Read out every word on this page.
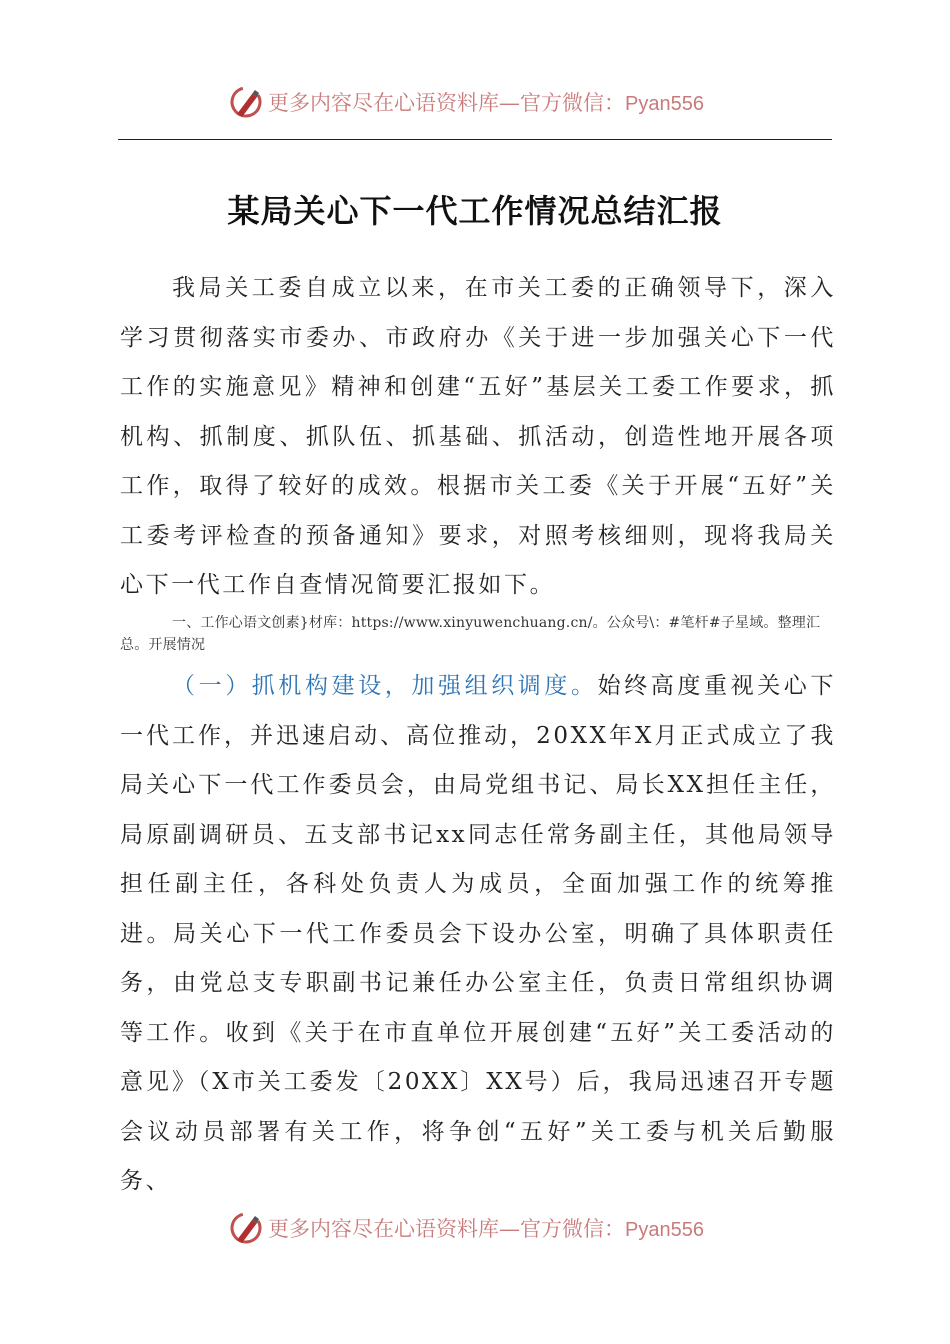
更多内容尽在心语资料库—官方微信：Pyan556
某局关心下一代工作情况总结汇报

我局关工委自成立以来，在市关工委的正确领导下，深入学习贯彻落实市委办、市政府办《关于进一步加强关心下一代工作的实施意见》精神和创建“五好”基层关工委工作要求，抓机构、抓制度、抓队伍、抓基础、抓活动，创造性地开展各项工作，取得了较好的成效。根据市关工委《关于开展“五好”关工委考评检查的预备通知》要求，对照考核细则，现将我局关心下一代工作自查情况简要汇报如下。

一、工作心语文创素}材库：https://www.xinyuwenchuang.cn/。公众号\：#笔杆#子星域。整理汇总。开展情况

（一）抓机构建设，加强组织调度。始终高度重视关心下一代工作，并迅速启动、高位推动，20XX年X月正式成立了我局关心下一代工作委员会，由局党组书记、局长XX担任主任，局原副调研员、五支部书记xx同志任常务副主任，其他局领导担任副主任，各科处负责人为成员，全面加强工作的统筹推进。局关心下一代工作委员会下设办公室，明确了具体职责任务，由党总支专职副书记兼任办公室主任，负责日常组织协调等工作。收到《关于在市直单位开展创建“五好”关工委活动的意见》（X市关工委发〔20XX〕XX号）后，我局迅速召开专题会议动员部署有关工作，将争创“五好”关工委与机关后勤服务、

更多内容尽在心语资料库—官方微信：Pyan556
